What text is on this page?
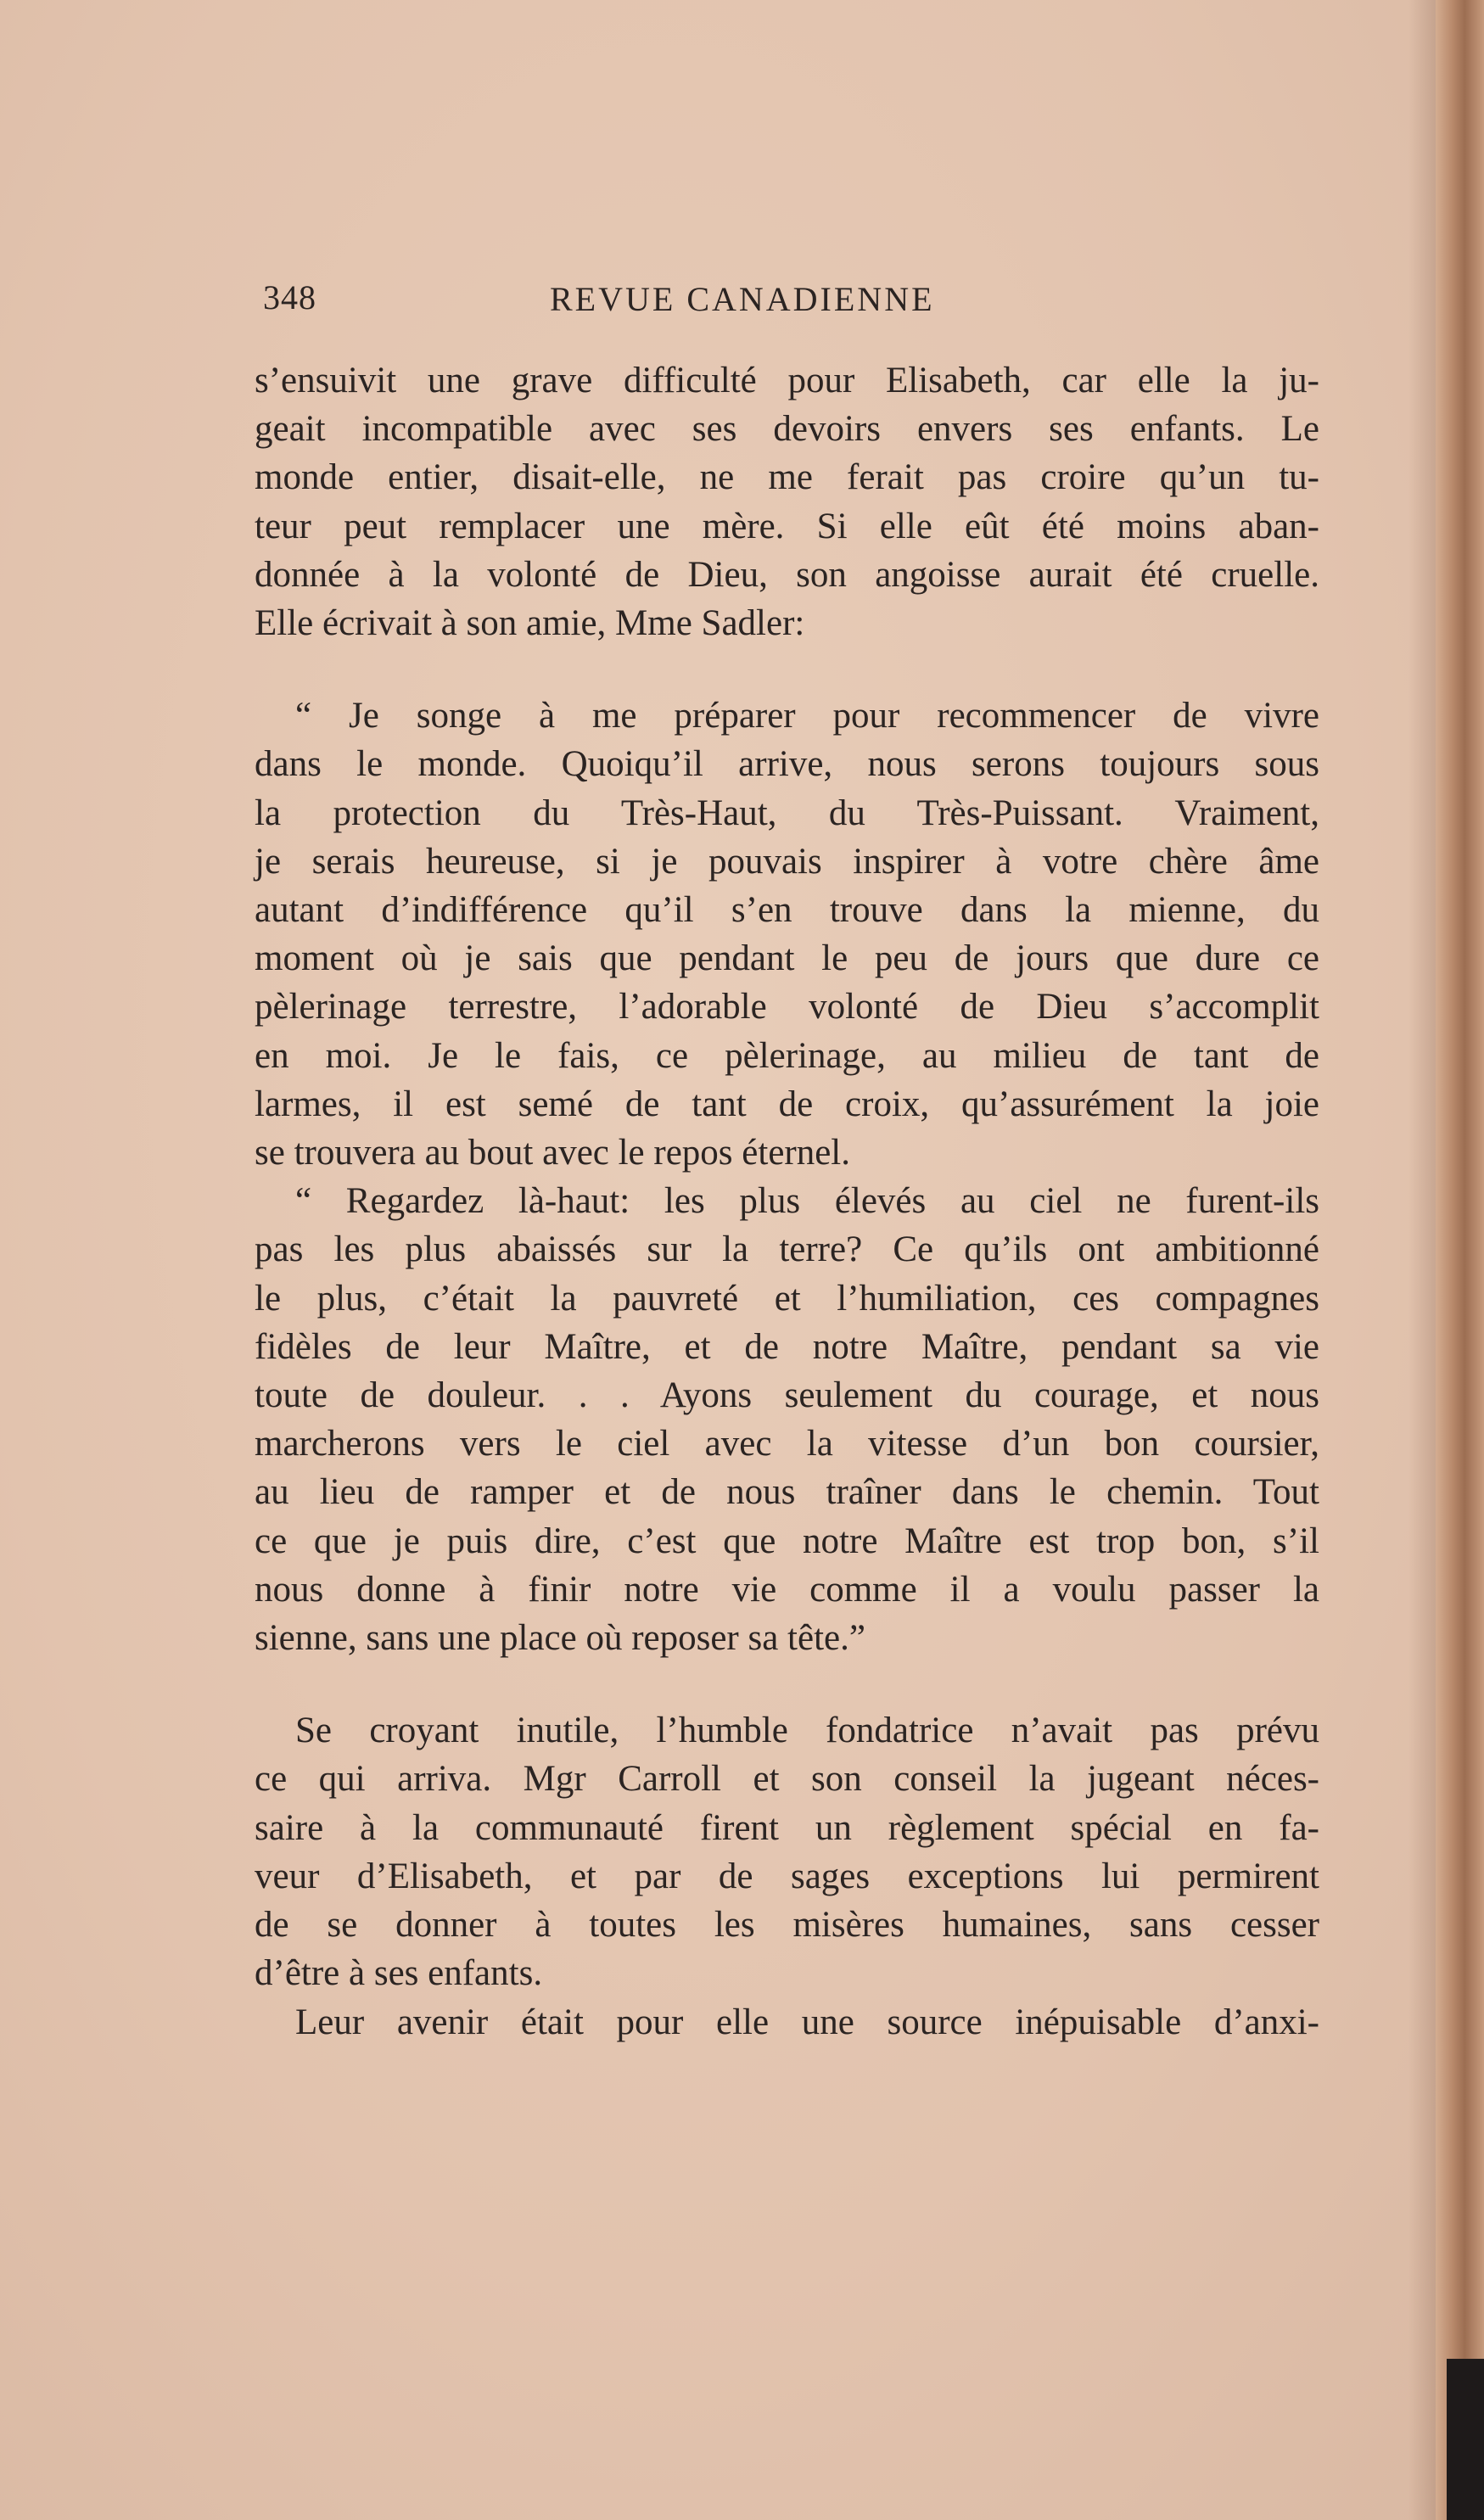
348	REVUE CANADIENNE
s’ensuivit une grave difficulté pour Elisabeth, car elle la ju-
geait incompatible avec ses devoirs envers ses enfants. Le
monde entier, disait-elle, ne me ferait pas croire qu’un tu-
teur peut remplacer une mère. Si elle eût été moins aban-
donnée à la volonté de Dieu, son angoisse aurait été cruelle.
Elle écrivait à son amie, Mme Sadler:
“ Je songe à me préparer pour recommencer de vivre
dans le monde. Quoiqu’il arrive, nous serons toujours sous
la protection du Très-Haut, du Très-Puissant. Vraiment,
je serais heureuse, si je pouvais inspirer à votre chère âme
autant d’indifférence qu’il s’en trouve dans la mienne, du
moment où je sais que pendant le peu de jours que dure ce
pèlerinage terrestre, l’adorable volonté de Dieu s’accomplit
en moi. Je le fais, ce pèlerinage, au milieu de tant de
larmes, il est semé de tant de croix, qu’assurément la joie
se trouvera au bout avec le repos éternel.
“ Regardez là-haut: les plus élevés au ciel ne furent-ils
pas les plus abaissés sur la terre? Ce qu’ils ont ambitionné
le plus, c’était la pauvreté et l’humiliation, ces compagnes
fidèles de leur Maître, et de notre Maître, pendant sa vie
toute de douleur. . . Ayons seulement du courage, et nous
marcherons vers le ciel avec la vitesse d’un bon coursier,
au lieu de ramper et de nous traîner dans le chemin. Tout
ce que je puis dire, c’est que notre Maître est trop bon, s’il
nous donne à finir notre vie comme il a voulu passer la
sienne, sans une place où reposer sa tête.”
Se croyant inutile, l’humble fondatrice n’avait pas prévu
ce qui arriva. Mgr Carroll et son conseil la jugeant néces-
saire à la communauté firent un règlement spécial en fa-
veur d’Elisabeth, et par de sages exceptions lui permirent
de se donner à toutes les misères humaines, sans cesser
d’être à ses enfants.
Leur avenir était pour elle une source inépuisable d’anxi-
